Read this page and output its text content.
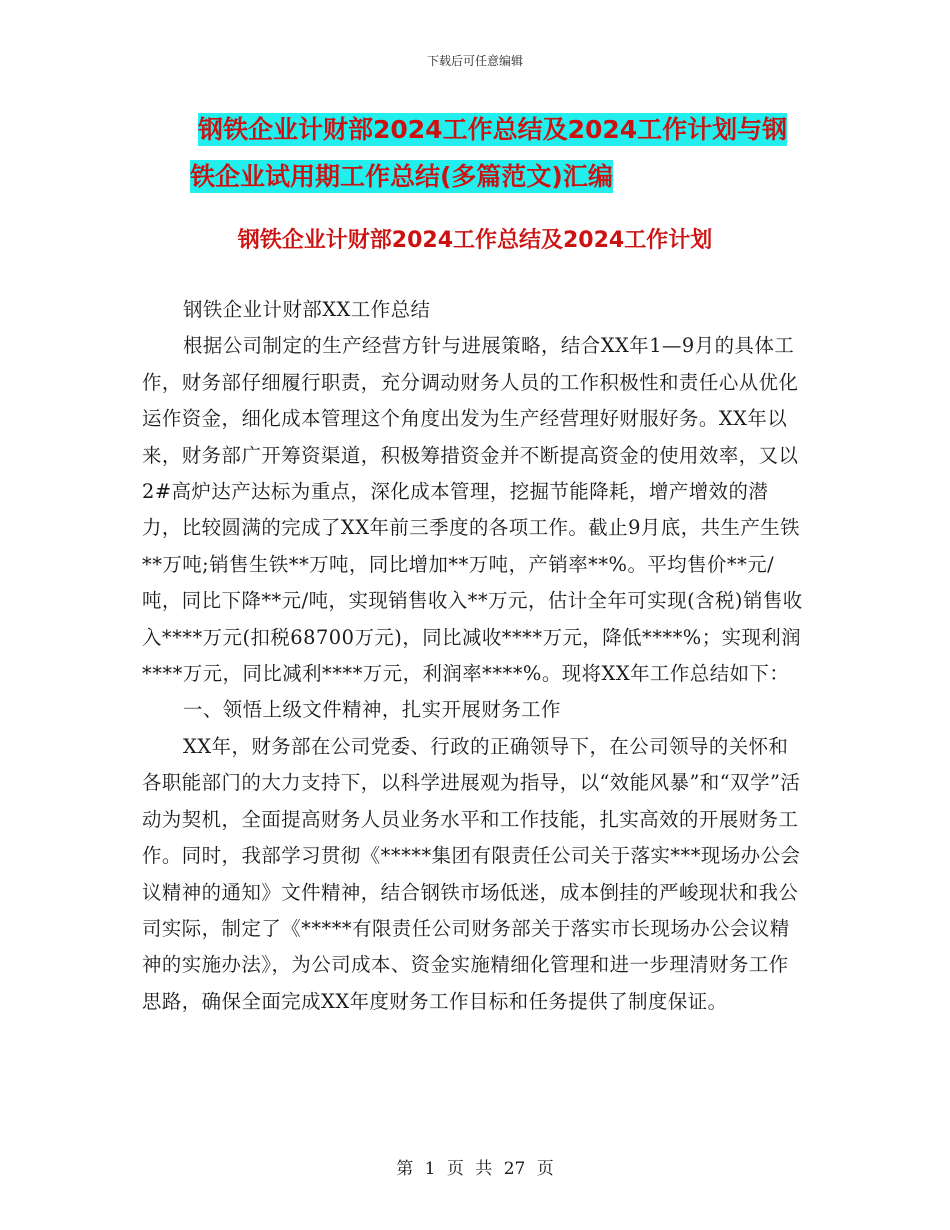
下载后可任意编辑
钢铁企业计财部2024工作总结及2024工作计划与钢
铁企业试用期工作总结(多篇范文)汇编
钢铁企业计财部2024工作总结及2024工作计划

钢铁企业计财部XX工作总结

根据公司制定的生产经营方针与进展策略，结合XX年1—9月的具体工作，财务部仔细履行职责，充分调动财务人员的工作积极性和责任心从优化运作资金，细化成本管理这个角度出发为生产经营理好财服好务。XX年以来，财务部广开筹资渠道，积极筹措资金并不断提高资金的使用效率，又以2#高炉达产达标为重点，深化成本管理，挖掘节能降耗，增产增效的潜力，比较圆满的完成了XX年前三季度的各项工作。截止9月底，共生产生铁**万吨;销售生铁**万吨，同比增加**万吨，产销率**%。平均售价**元/吨，同比下降**元/吨，实现销售收入**万元，估计全年可实现(含税)销售收入****万元(扣税68700万元)，同比减收****万元，降低****%；实现利润****万元，同比减利****万元，利润率****%。现将XX年工作总结如下：

一、领悟上级文件精神，扎实开展财务工作

XX年，财务部在公司党委、行政的正确领导下，在公司领导的关怀和各职能部门的大力支持下，以科学进展观为指导，以“效能风暴”和“双学”活动为契机，全面提高财务人员业务水平和工作技能，扎实高效的开展财务工作。同时，我部学习贯彻《*****集团有限责任公司关于落实***现场办公会议精神的通知》文件精神，结合钢铁市场低迷，成本倒挂的严峻现状和我公司实际，制定了《*****有限责任公司财务部关于落实市长现场办公会议精神的实施办法》，为公司成本、资金实施精细化管理和进一步理清财务工作思路，确保全面完成XX年度财务工作目标和任务提供了制度保证。

第 1 页 共 27 页
